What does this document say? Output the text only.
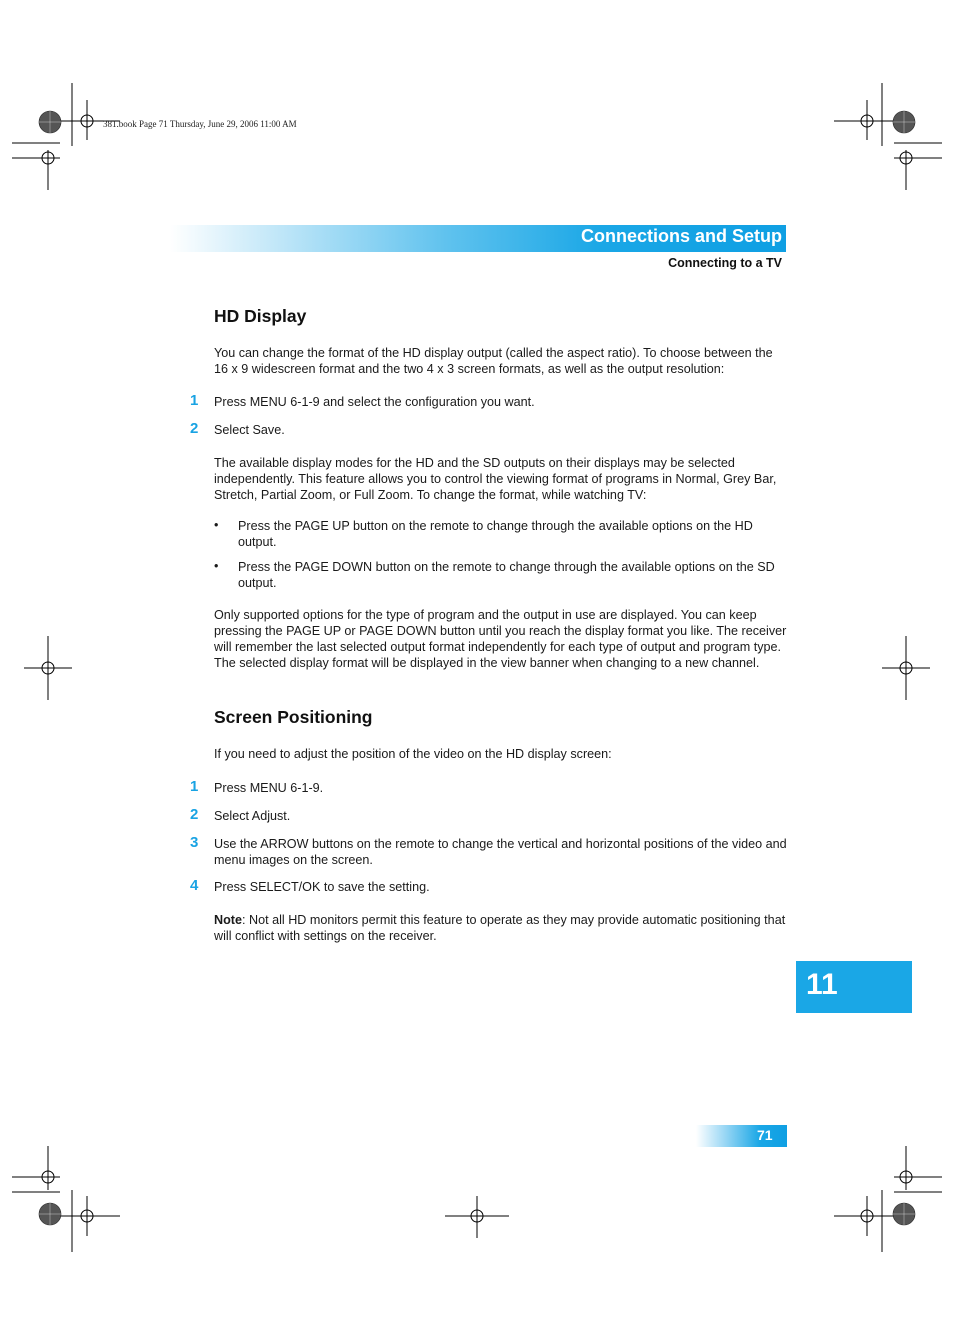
381.book Page 71 Thursday, June 29, 2006 11:00 AM
Connections and Setup
Connecting to a TV
HD Display
You can change the format of the HD display output (called the aspect ratio). To choose between the 16 x 9 widescreen format and the two 4 x 3 screen formats, as well as the output resolution:
1 Press MENU 6-1-9 and select the configuration you want.
2 Select Save.
The available display modes for the HD and the SD outputs on their displays may be selected independently. This feature allows you to control the viewing format of programs in Normal, Grey Bar, Stretch, Partial Zoom, or Full Zoom. To change the format, while watching TV:
• Press the PAGE UP button on the remote to change through the available options on the HD output.
• Press the PAGE DOWN button on the remote to change through the available options on the SD output.
Only supported options for the type of program and the output in use are displayed. You can keep pressing the PAGE UP or PAGE DOWN button until you reach the display format you like. The receiver will remember the last selected output format independently for each type of output and program type. The selected display format will be displayed in the view banner when changing to a new channel.
Screen Positioning
If you need to adjust the position of the video on the HD display screen:
1 Press MENU 6-1-9.
2 Select Adjust.
3 Use the ARROW buttons on the remote to change the vertical and horizontal positions of the video and menu images on the screen.
4 Press SELECT/OK to save the setting.
Note: Not all HD monitors permit this feature to operate as they may provide automatic positioning that will conflict with settings on the receiver.
11
71
